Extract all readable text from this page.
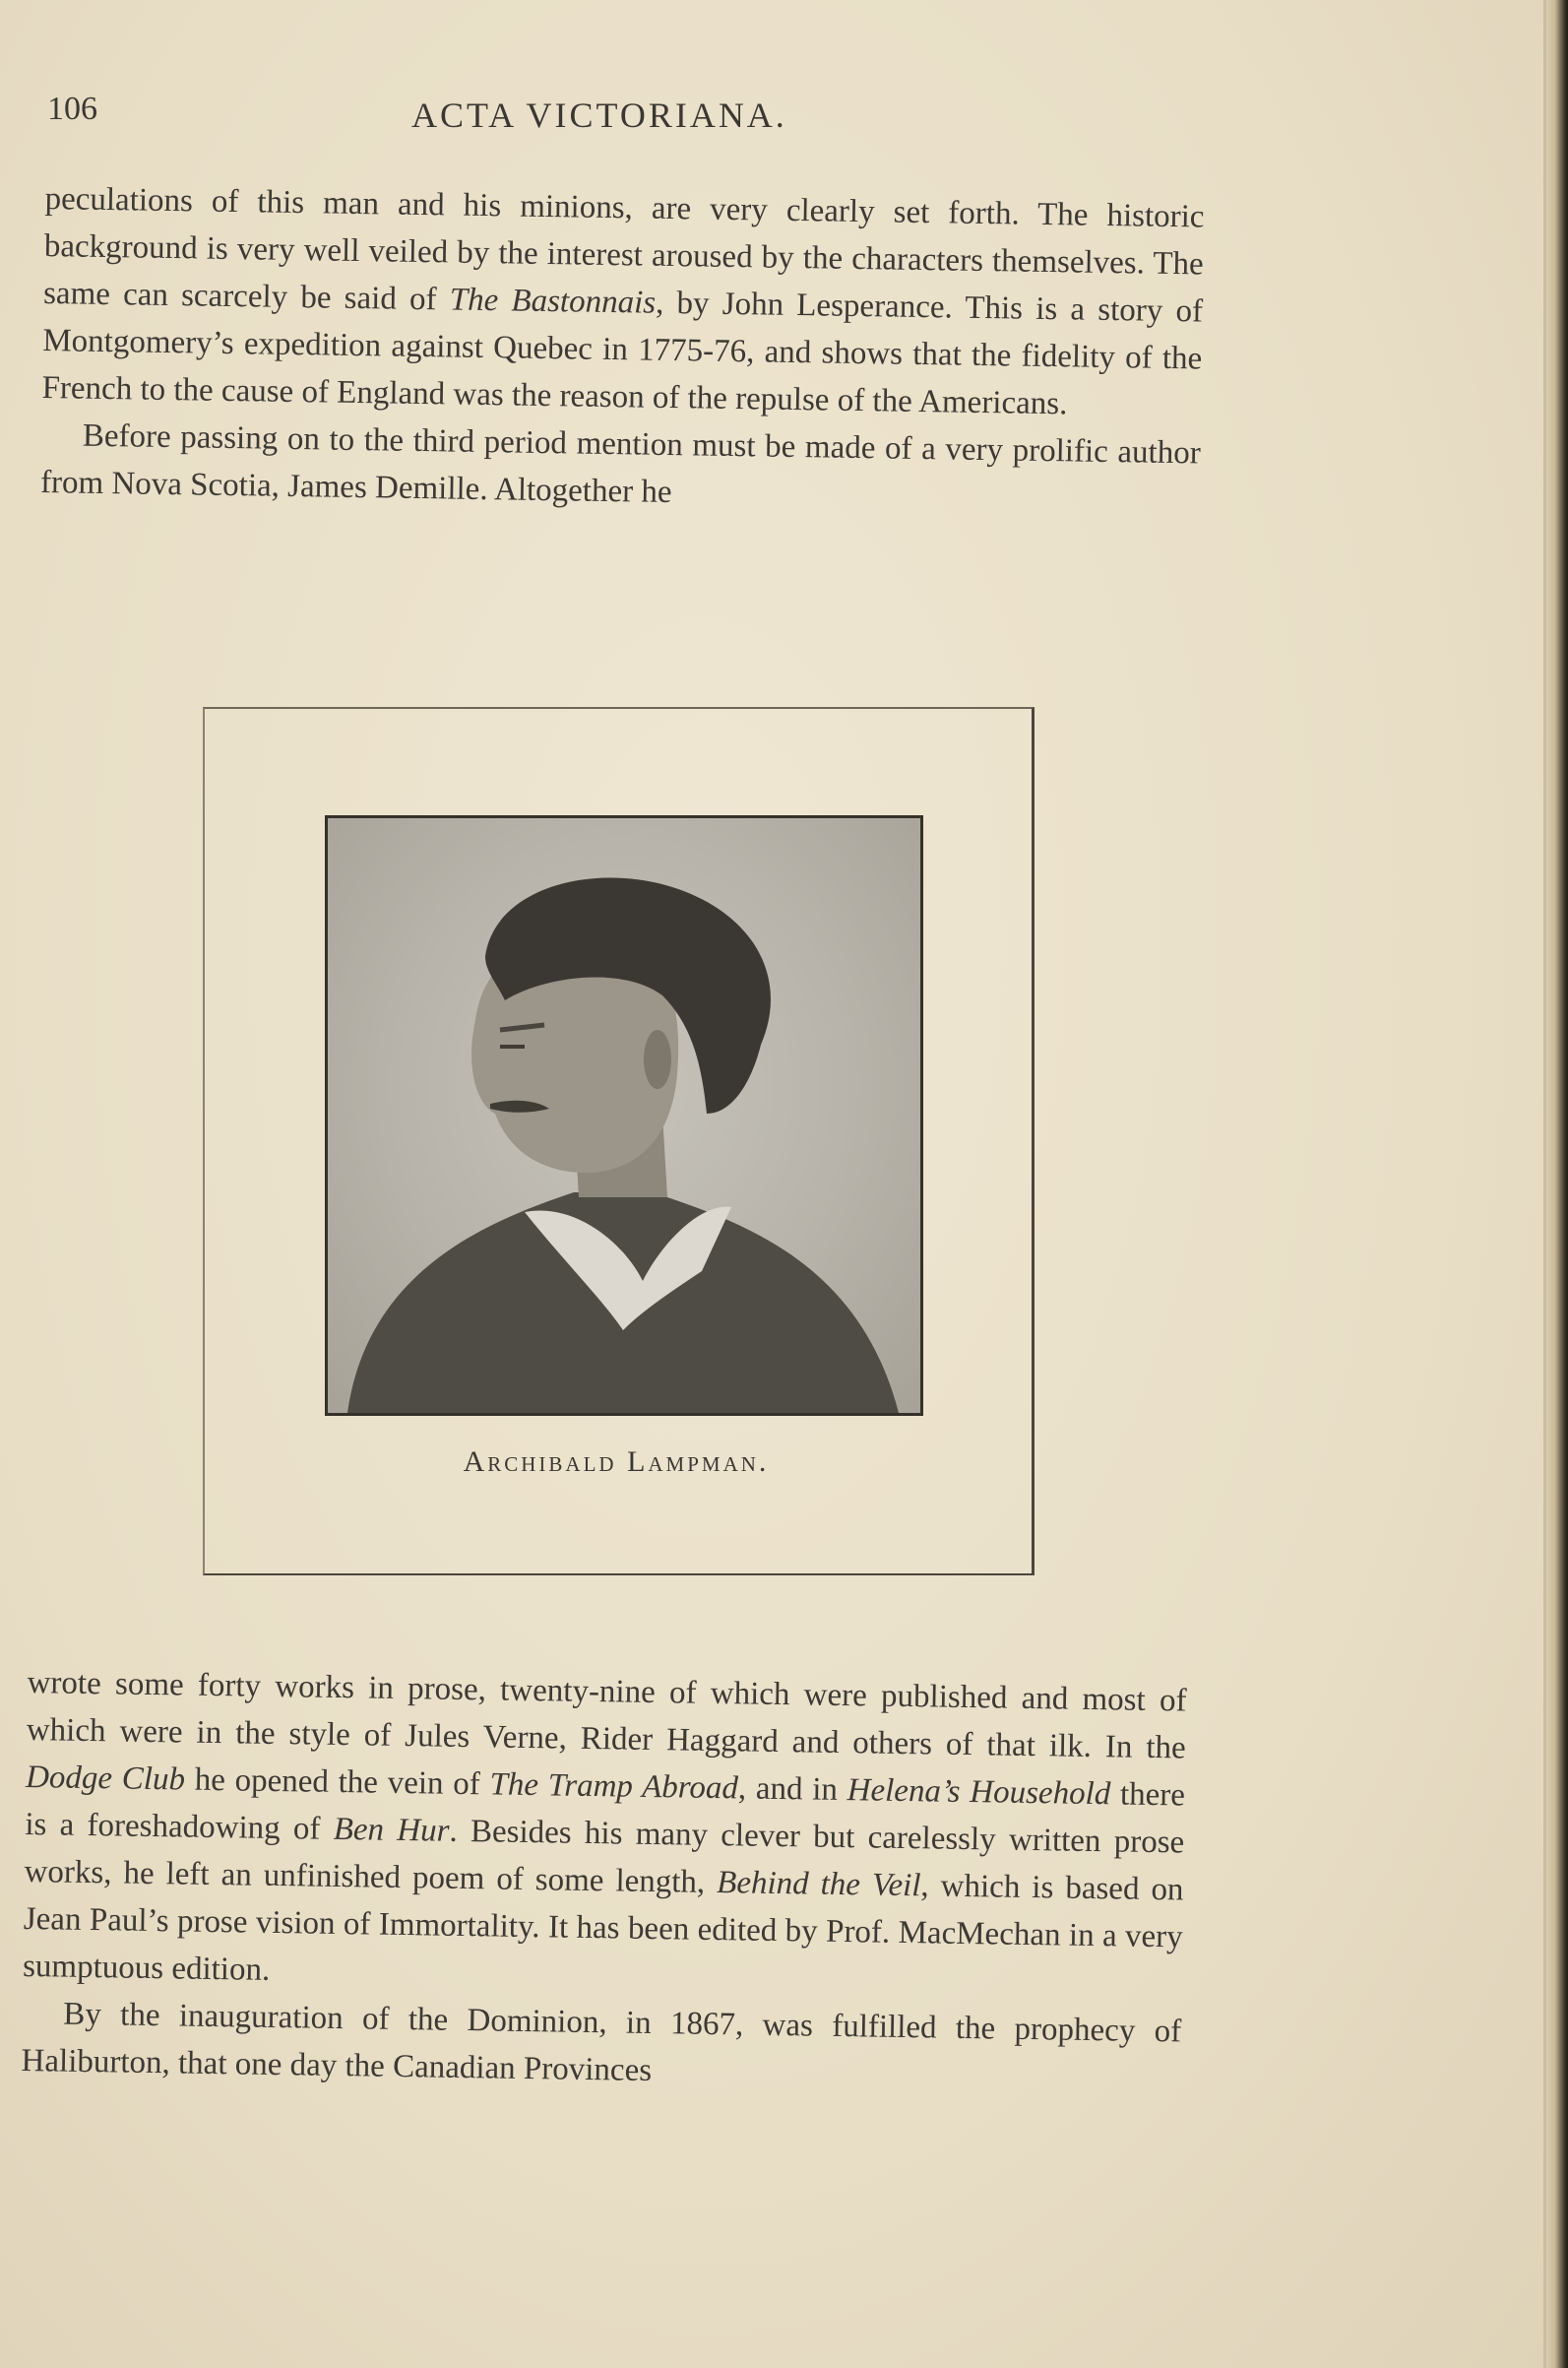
106	ACTA VICTORIANA.

peculations of this man and his minions, are very clearly set forth. The historic background is very well veiled by the interest aroused by the characters themselves. The same can scarcely be said of The Bastonnais, by John Lesperance. This is a story of Montgomery’s expedition against Quebec in 1775-76, and shows that the fidelity of the French to the cause of England was the reason of the repulse of the Americans.

Before passing on to the third period mention must be made of a very prolific author from Nova Scotia, James Demille. Altogether he

Archibald Lampman.

wrote some forty works in prose, twenty-nine of which were published and most of which were in the style of Jules Verne, Rider Haggard and others of that ilk. In the Dodge Club he opened the vein of The Tramp Abroad, and in Helena’s Household there is a foreshadowing of Ben Hur. Besides his many clever but carelessly written prose works, he left an unfinished poem of some length, Behind the Veil, which is based on Jean Paul’s prose vision of Immortality. It has been edited by Prof. MacMechan in a very sumptuous edition.

By the inauguration of the Dominion, in 1867, was fulfilled the prophecy of Haliburton, that one day the Canadian Provinces
